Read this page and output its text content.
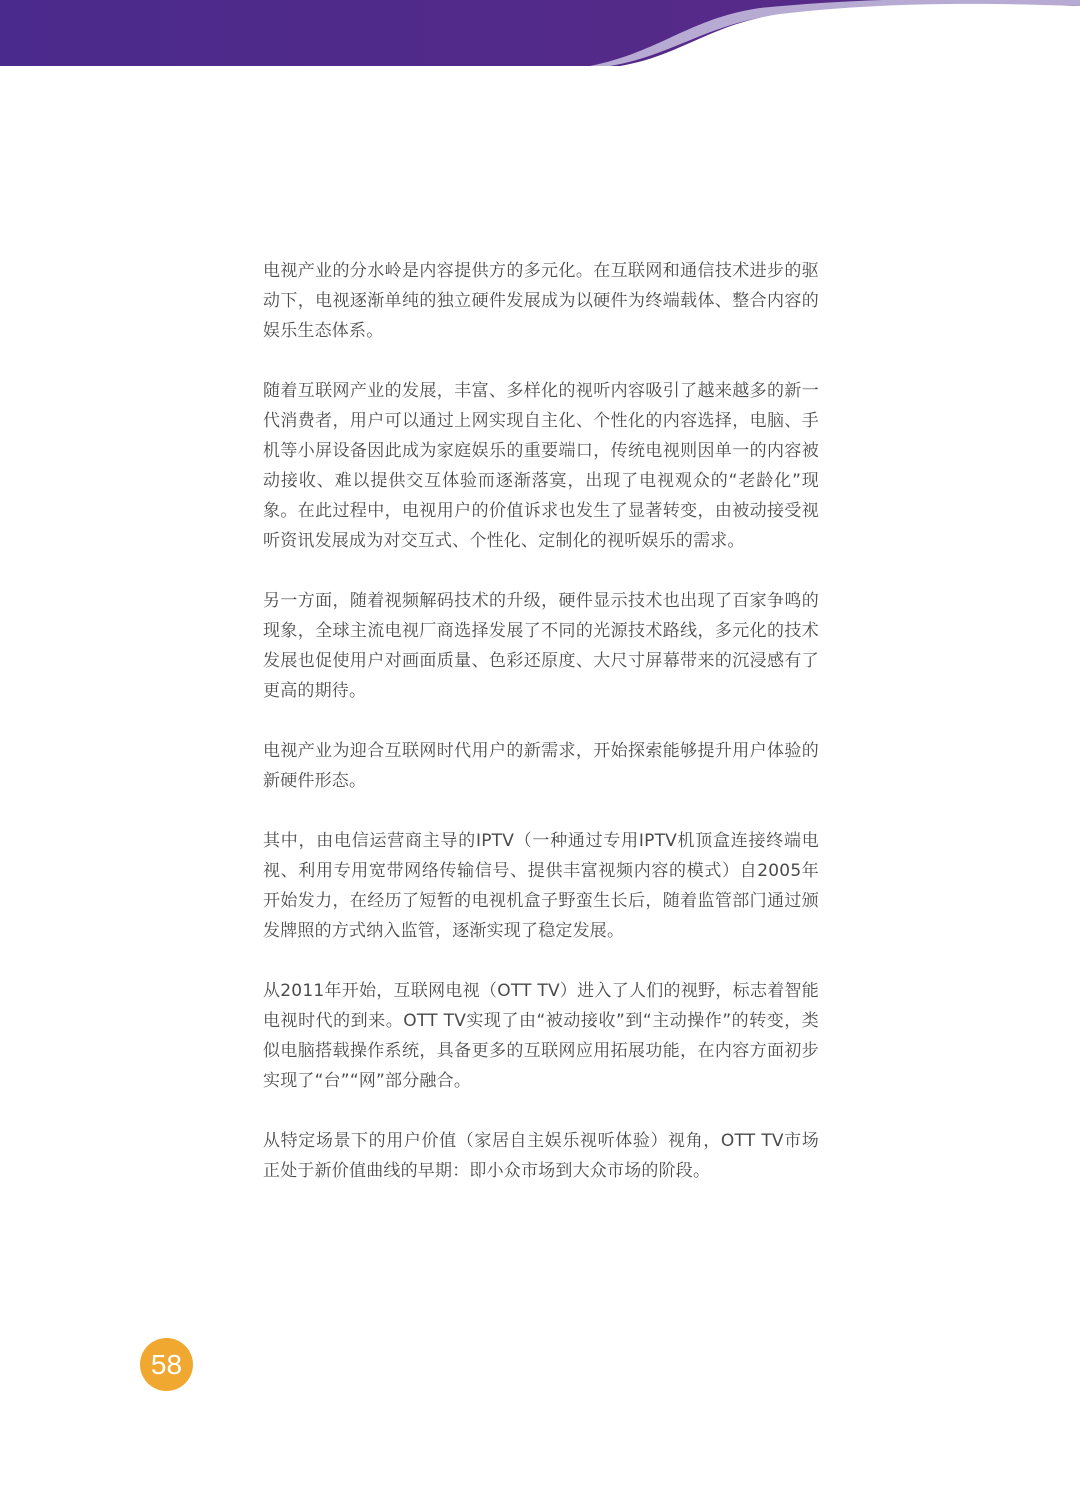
电视产业的分水岭是内容提供方的多元化。在互联网和通信技术进步的驱动下，电视逐渐单纯的独立硬件发展成为以硬件为终端载体、整合内容的娱乐生态体系。

随着互联网产业的发展，丰富、多样化的视听内容吸引了越来越多的新一代消费者，用户可以通过上网实现自主化、个性化的内容选择，电脑、手机等小屏设备因此成为家庭娱乐的重要端口，传统电视则因单一的内容被动接收、难以提供交互体验而逐渐落寞，出现了电视观众的“老龄化”现象。在此过程中，电视用户的价值诉求也发生了显著转变，由被动接受视听资讯发展成为对交互式、个性化、定制化的视听娱乐的需求。

另一方面，随着视频解码技术的升级，硬件显示技术也出现了百家争鸣的现象，全球主流电视厂商选择发展了不同的光源技术路线，多元化的技术发展也促使用户对画面质量、色彩还原度、大尺寸屏幕带来的沉浸感有了更高的期待。

电视产业为迎合互联网时代用户的新需求，开始探索能够提升用户体验的新硬件形态。

其中，由电信运营商主导的IPTV（一种通过专用IPTV机顶盒连接终端电视、利用专用宽带网络传输信号、提供丰富视频内容的模式）自2005年开始发力，在经历了短暂的电视机盒子野蛮生长后，随着监管部门通过颁发牌照的方式纳入监管，逐渐实现了稳定发展。

从2011年开始，互联网电视（OTT TV）进入了人们的视野，标志着智能电视时代的到来。OTT TV实现了由“被动接收”到“主动操作”的转变，类似电脑搭载操作系统，具备更多的互联网应用拓展功能，在内容方面初步实现了“台”“网”部分融合。

从特定场景下的用户价值（家居自主娱乐视听体验）视角，OTT TV市场正处于新价值曲线的早期：即小众市场到大众市场的阶段。

58
